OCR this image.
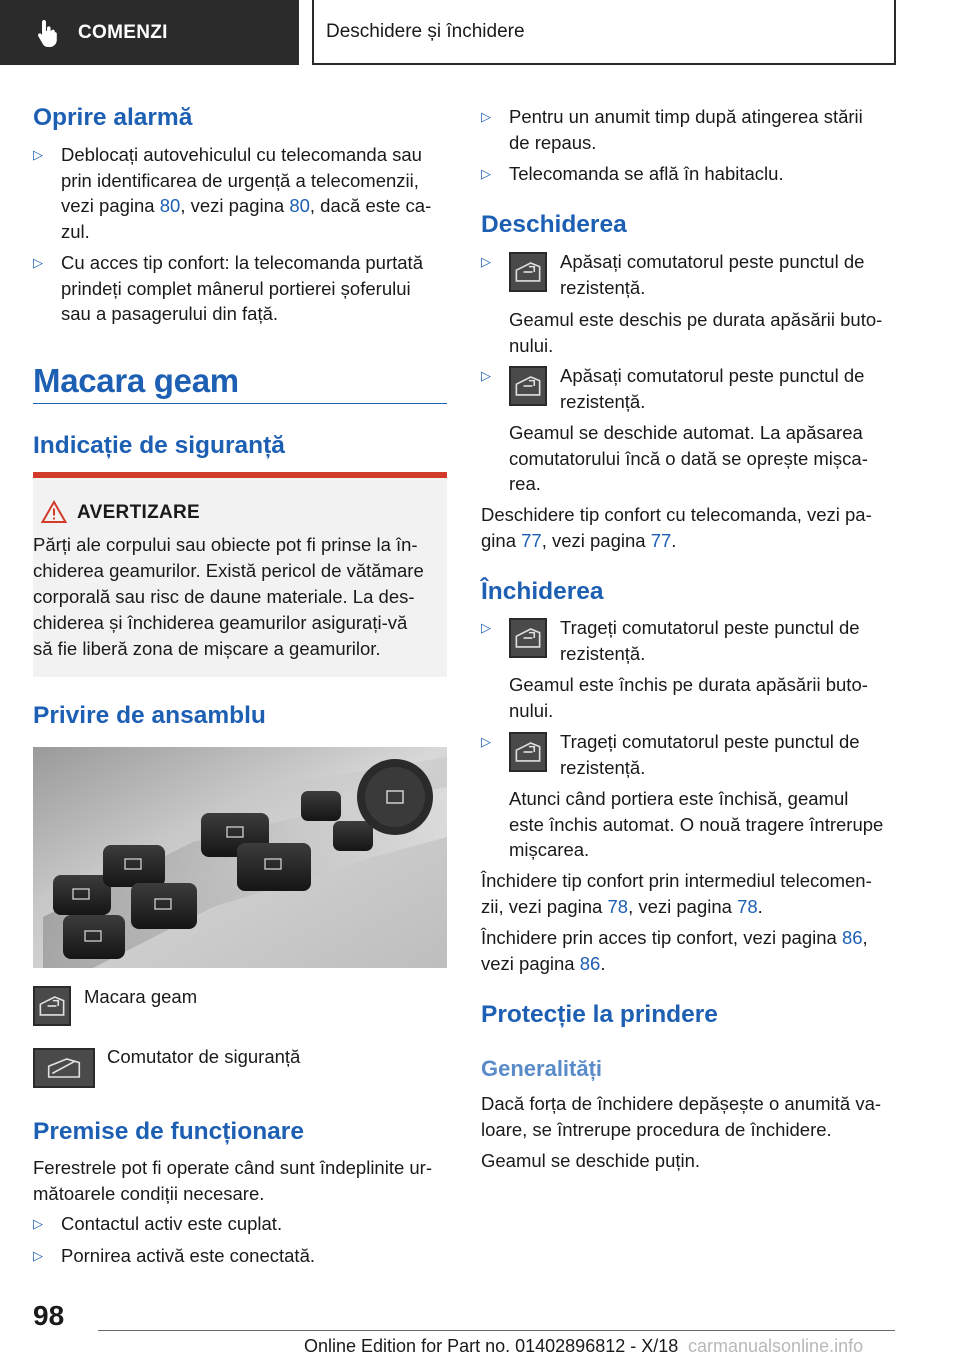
COMENZI	Deschidere și închidere
Oprire alarmă
▷ Deblocați autovehiculul cu telecomanda sau
prin identificarea de urgență a telecomenzii,
vezi pagina 80, vezi pagina 80, dacă este ca-
zul.
▷ Cu acces tip confort: la telecomanda purtată
prindeți complet mânerul portierei șoferului
sau a pasagerului din față.
Macara geam
Indicație de siguranță
AVERTIZARE
Părți ale corpului sau obiecte pot fi prinse la în-
chiderea geamurilor. Există pericol de vătămare
corporală sau risc de daune materiale. La des-
chiderea și închiderea geamurilor asigurați-vă
să fie liberă zona de mișcare a geamurilor.
Privire de ansamblu
Macara geam
Comutator de siguranță
Premise de funcționare
Ferestrele pot fi operate când sunt îndeplinite ur-
mătoarele condiții necesare.
▷ Contactul activ este cuplat.
▷ Pornirea activă este conectată.
▷ Pentru un anumit timp după atingerea stării
de repaus.
▷ Telecomanda se află în habitaclu.
Deschiderea
▷	Apăsați comutatorul peste punctul de
rezistență.
Geamul este deschis pe durata apăsării buto-
nului.
▷	Apăsați comutatorul peste punctul de
rezistență.
Geamul se deschide automat. La apăsarea
comutatorului încă o dată se oprește mișca-
rea.
Deschidere tip confort cu telecomanda, vezi pa-
gina 77, vezi pagina 77.
Închiderea
▷	Trageți comutatorul peste punctul de
rezistență.
Geamul este închis pe durata apăsării buto-
nului.
▷	Trageți comutatorul peste punctul de
rezistență.
Atunci când portiera este închisă, geamul
este închis automat. O nouă tragere întrerupe
mișcarea.
Închidere tip confort prin intermediul telecomen-
zii, vezi pagina 78, vezi pagina 78.
Închidere prin acces tip confort, vezi pagina 86,
vezi pagina 86.
Protecție la prindere
Generalități
Dacă forța de închidere depășește o anumită va-
loare, se întrerupe procedura de închidere.
Geamul se deschide puțin.
98
Online Edition for Part no. 01402896812 - X/18 carmanualsonline.info
